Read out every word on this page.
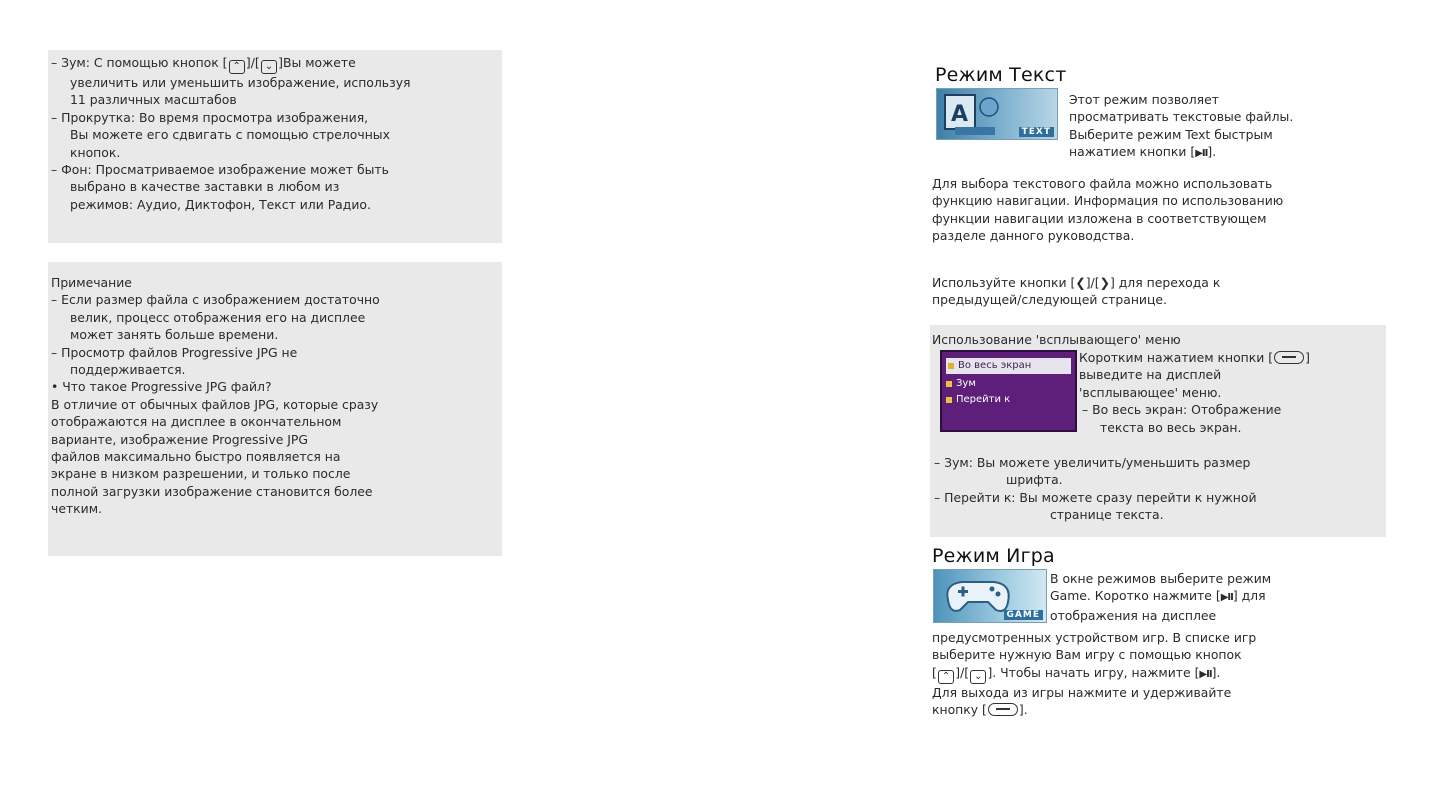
– Зум: С помощью кнопок [ ⌃ ]/[ ⌄ ]Вы можете
увеличить или уменьшить изображение, используя
11 различных масштабов
– Прокрутка: Во время просмотра изображения,
Вы можете его сдвигать с помощью стрелочных
кнопок.
– Фон: Просматриваемое изображение может быть
выбрано в качестве заставки в любом из
режимов: Аудио, Диктофон, Текст или Радио.
Примечание
– Если размер файла с изображением достаточно
велик, процесс отображения его на дисплее
может занять больше времени.
– Просмотр файлов Progressive JPG не
поддерживается.
• Что такое Progressive JPG файл?
В отличие от обычных файлов JPG, которые сразу
отображаются на дисплее в окончательном
варианте, изображение Progressive JPG
файлов максимально быстро появляется на
экране в низком разрешении, и только после
полной загрузки изображение становится более
четким.
Режим Текст
A
TEXT
Этот режим позволяет
просматривать текстовые файлы.
Выберите режим Text быстрым
нажатием кнопки [▶II].
Для выбора текстового файла можно использовать
функцию навигации. Информация по использованию
функции навигации изложена в соответствующем
разделе данного руководства.
Используйте кнопки [❮]/[❯] для перехода к
предыдущей/следующей странице.
Использование 'всплывающего' меню
Во весь экран
Зум
Перейти к
Коротким нажатием кнопки [	]
выведите на дисплей
'всплывающее' меню.
– Во весь экран: Отображение
текста во весь экран.
– Зум: Вы можете увеличить/уменьшить размер
шрифта.
– Перейти к: Вы можете сразу перейти к нужной
странице текста.
Режим Игра
GAME
В окне режимов выберите режим
Game. Коротко нажмите [▶II] для
отображения на дисплее
предусмотренных устройством игр. В списке игр
выберите нужную Вам игру с помощью кнопок
[ ⌃ ]/[ ⌄ ]. Чтобы начать игру, нажмите [▶II].
Для выхода из игры нажмите и удерживайте
кнопку [	].
